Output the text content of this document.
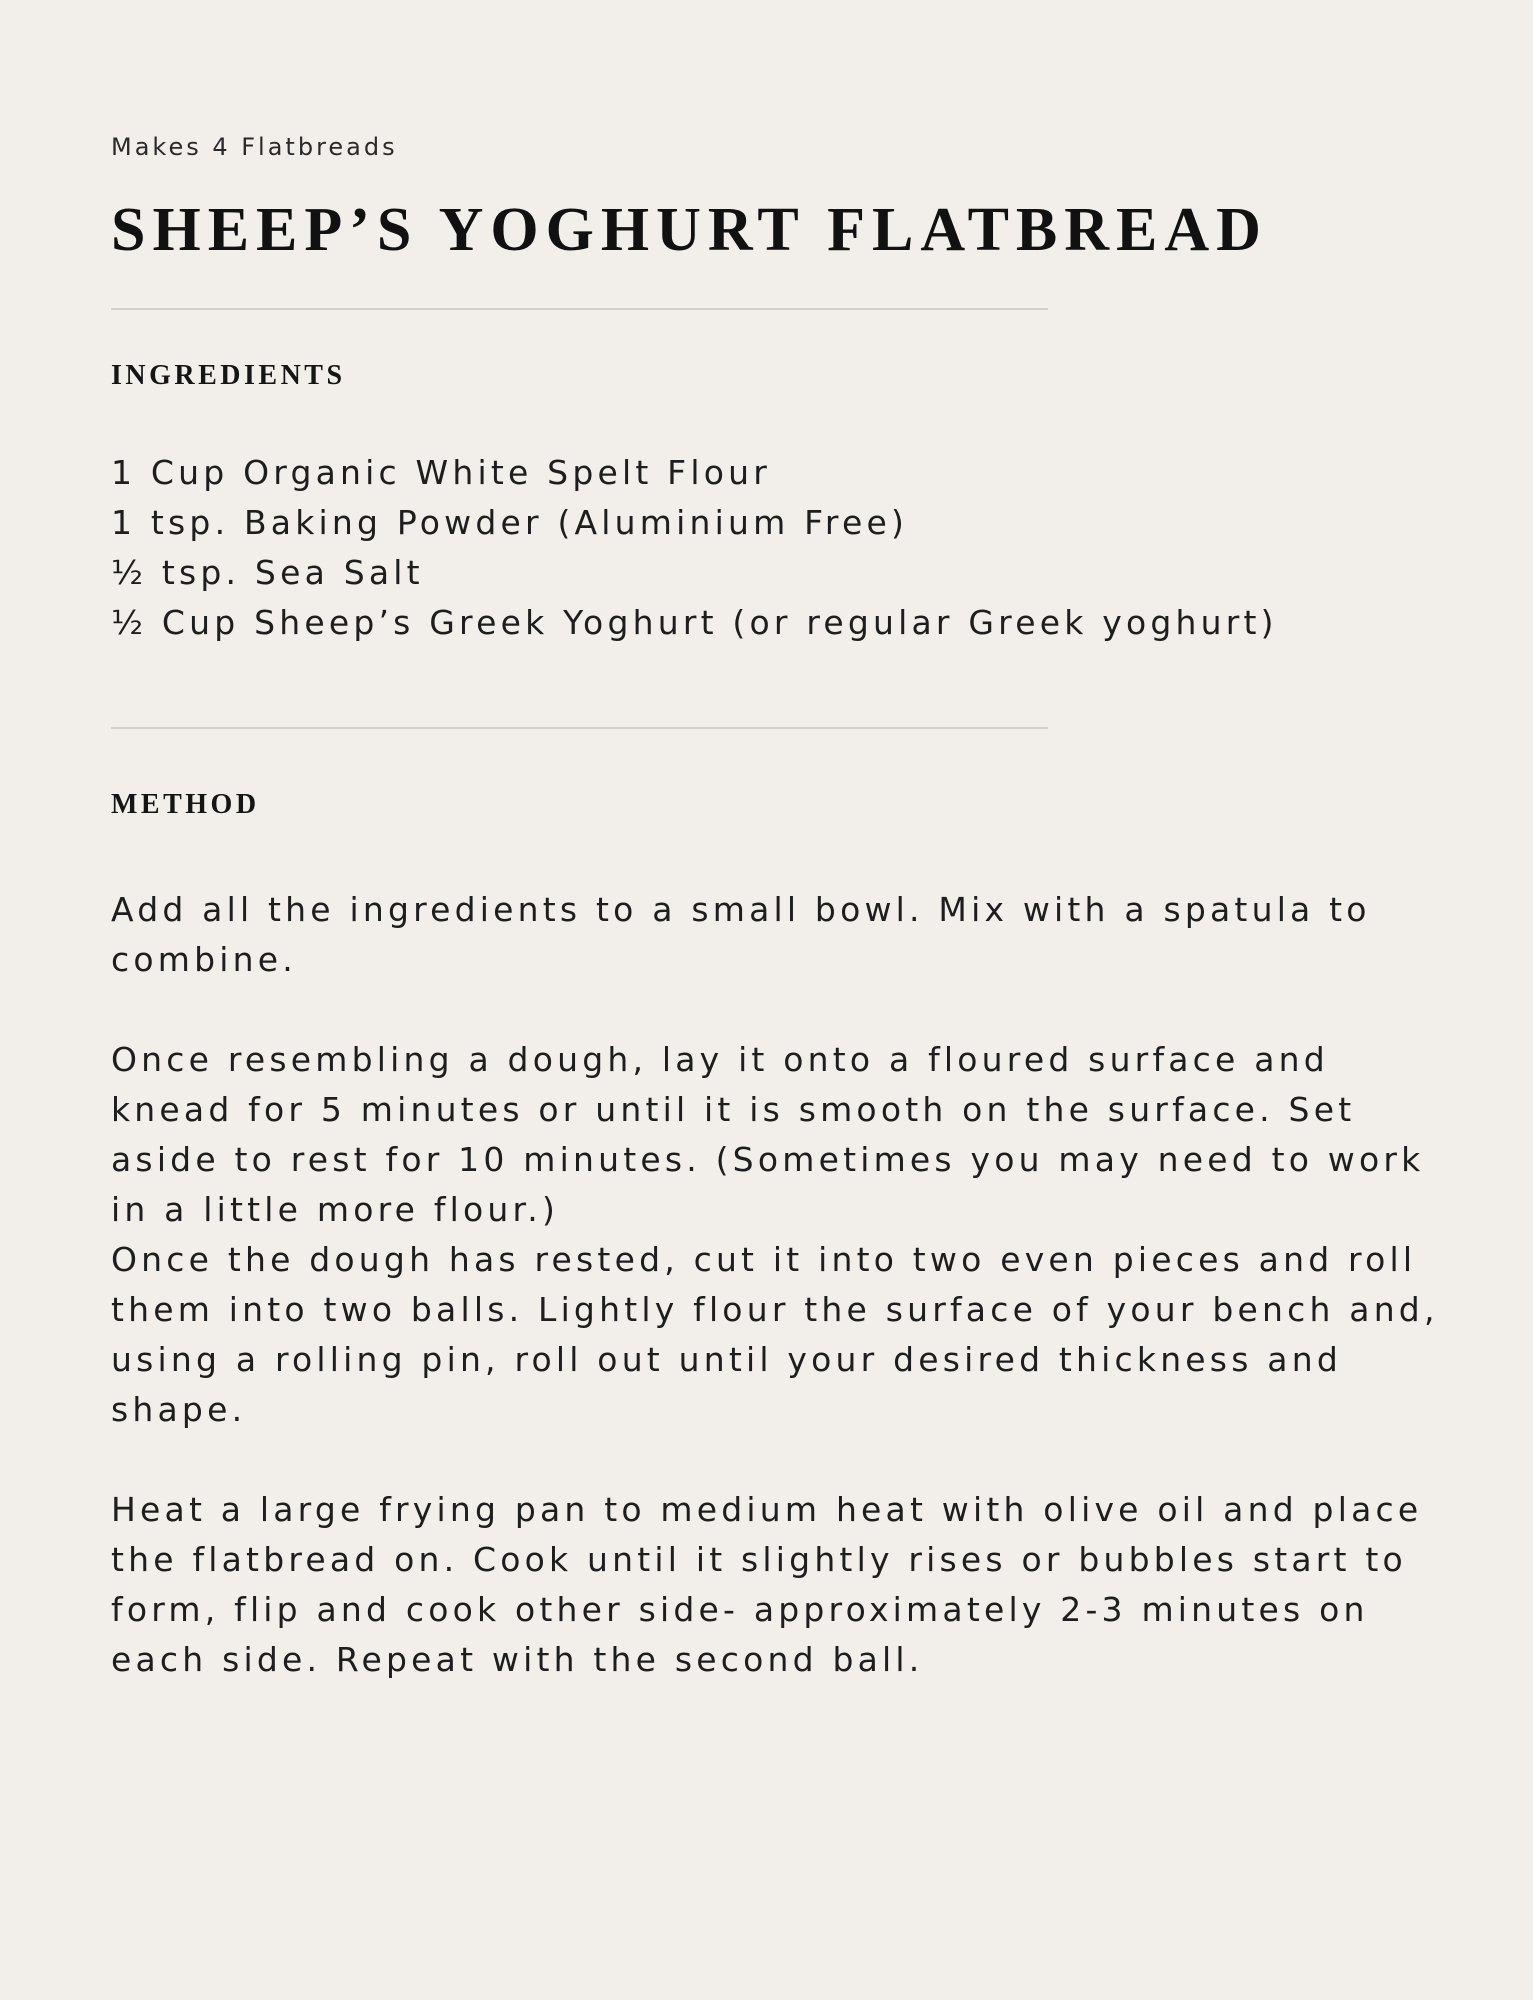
Makes 4 Flatbreads
SHEEP’S YOGHURT FLATBREAD
INGREDIENTS
1 Cup Organic White Spelt Flour
1 tsp. Baking Powder (Aluminium Free)
½ tsp. Sea Salt
½ Cup Sheep’s Greek Yoghurt (or regular Greek yoghurt)
METHOD

Add all the ingredients to a small bowl. Mix with a spatula to
combine.

Once resembling a dough, lay it onto a floured surface and
knead for 5 minutes or until it is smooth on the surface. Set
aside to rest for 10 minutes. (Sometimes you may need to work
in a little more flour.)

Once the dough has rested, cut it into two even pieces and roll
them into two balls. Lightly flour the surface of your bench and,
using a rolling pin, roll out until your desired thickness and
shape.

Heat a large frying pan to medium heat with olive oil and place
the flatbread on. Cook until it slightly rises or bubbles start to
form, flip and cook other side- approximately 2-3 minutes on
each side. Repeat with the second ball.
